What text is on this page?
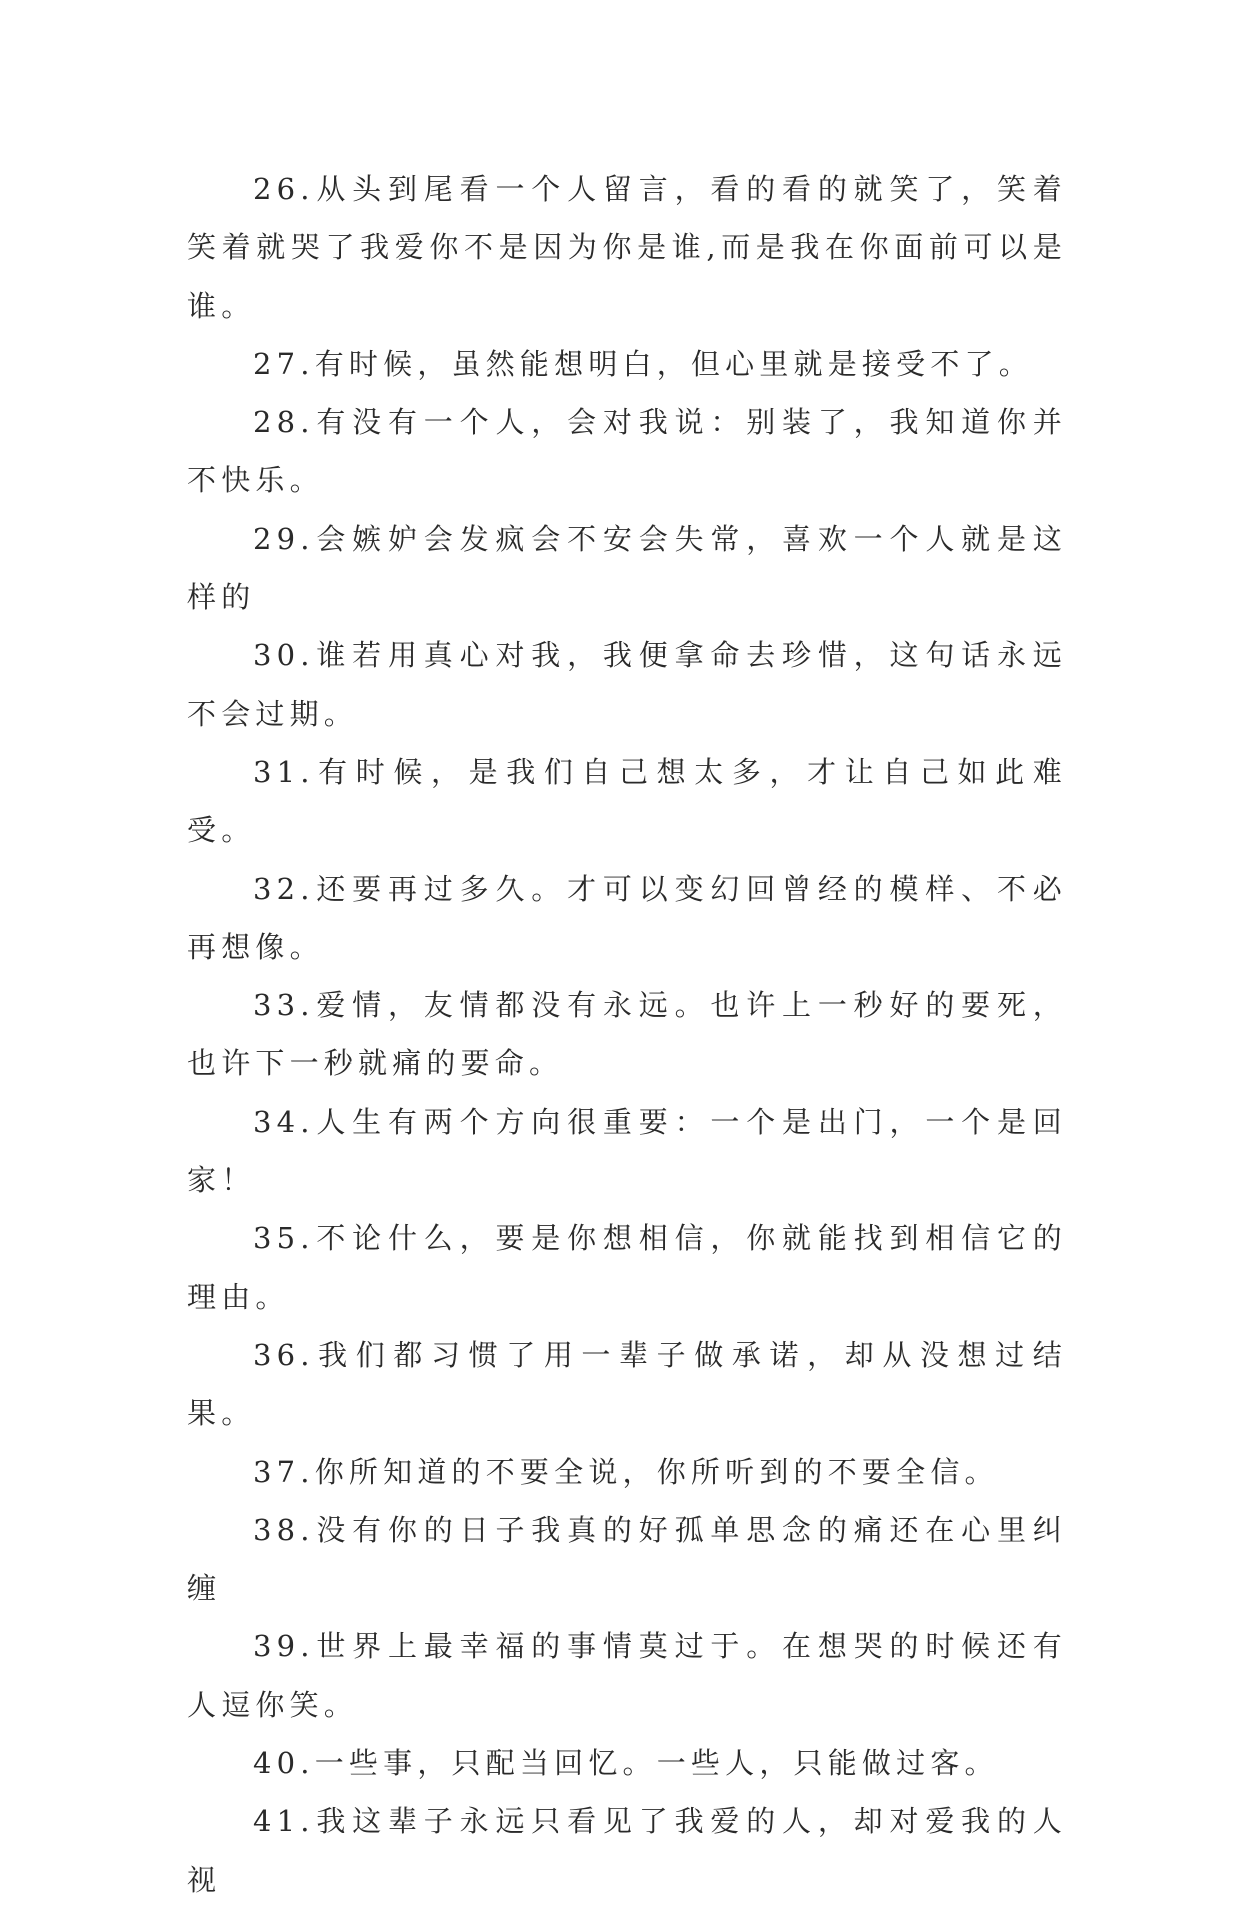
26.从头到尾看一个人留言，看的看的就笑了，笑着笑着就哭了我爱你不是因为你是谁,而是我在你面前可以是谁。

27.有时候，虽然能想明白，但心里就是接受不了。

28.有没有一个人，会对我说：别装了，我知道你并不快乐。

29.会嫉妒会发疯会不安会失常，喜欢一个人就是这样的

30.谁若用真心对我，我便拿命去珍惜，这句话永远不会过期。

31.有时候，是我们自己想太多，才让自己如此难受。

32.还要再过多久。才可以变幻回曾经的模样、不必再想像。

33.爱情，友情都没有永远。也许上一秒好的要死，也许下一秒就痛的要命。

34.人生有两个方向很重要：一个是出门，一个是回家！

35.不论什么，要是你想相信，你就能找到相信它的理由。

36.我们都习惯了用一辈子做承诺，却从没想过结果。

37.你所知道的不要全说，你所听到的不要全信。

38.没有你的日子我真的好孤单思念的痛还在心里纠缠

39.世界上最幸福的事情莫过于。在想哭的时候还有人逗你笑。

40.一些事，只配当回忆。一些人，只能做过客。

41.我这辈子永远只看见了我爱的人，却对爱我的人视
